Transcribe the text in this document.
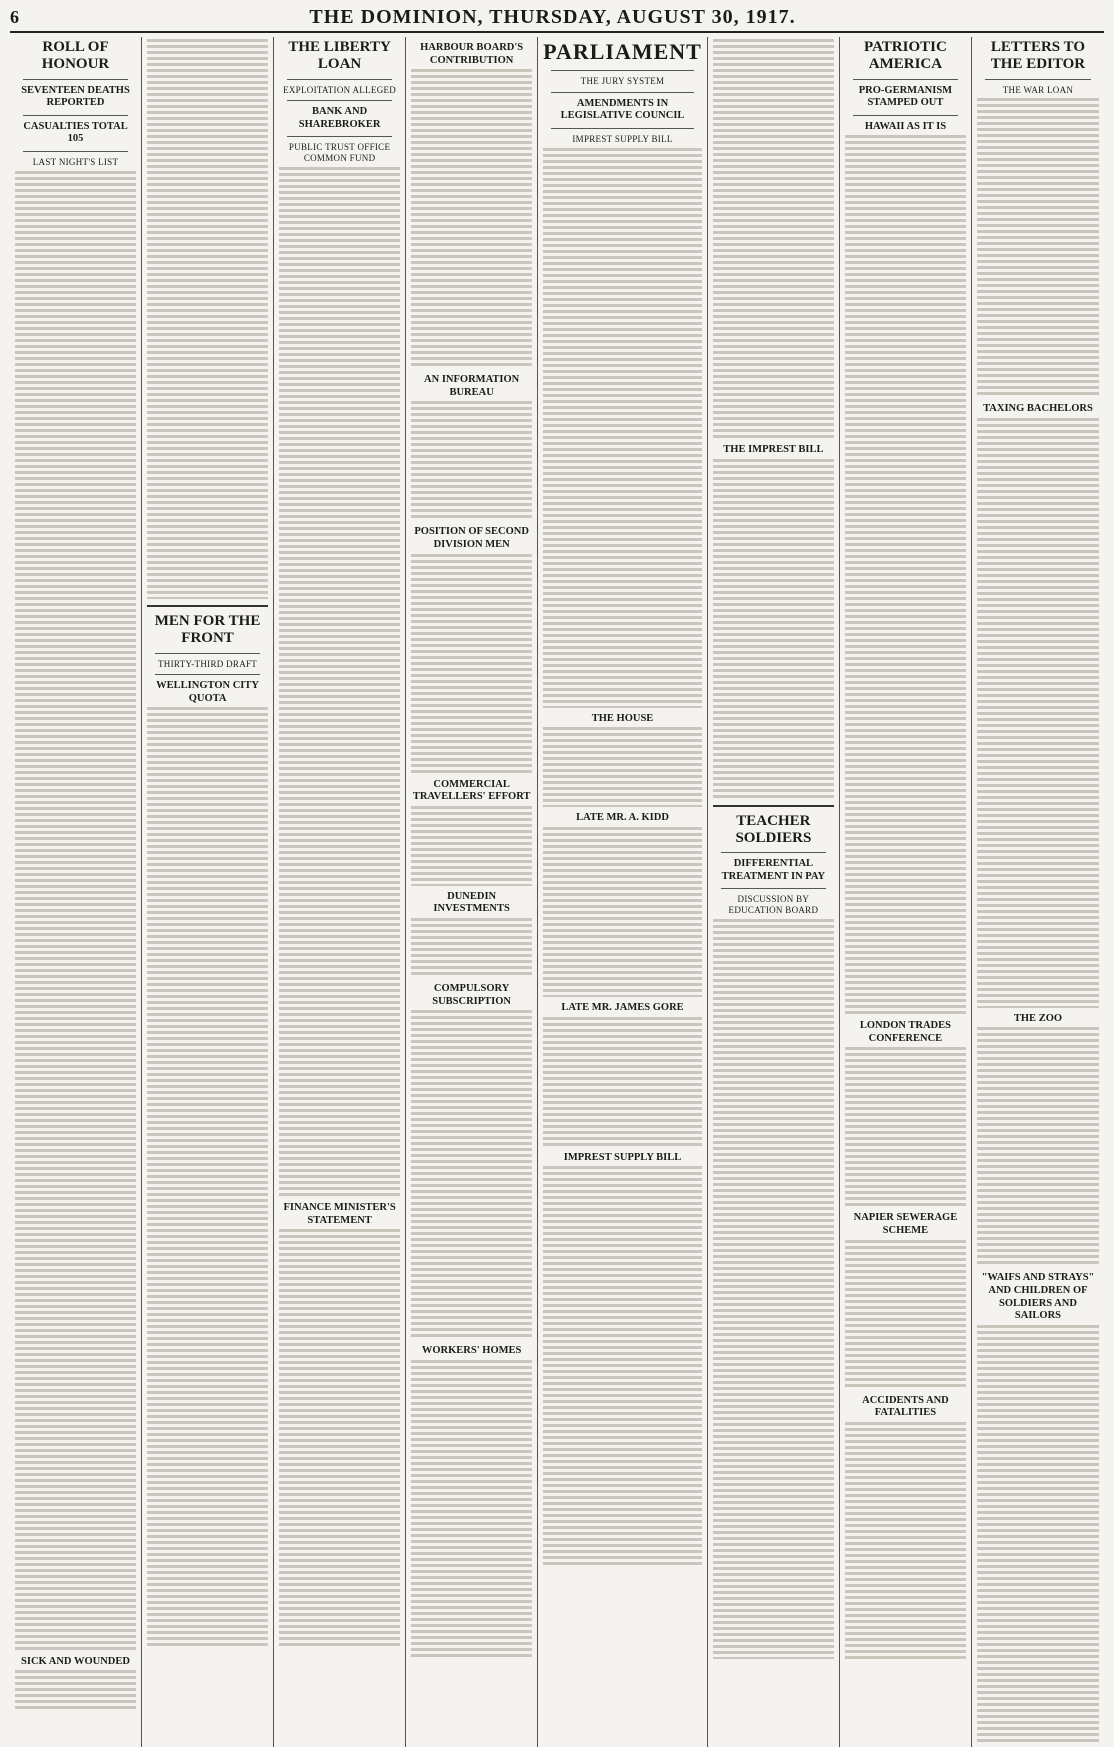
6	THE DOMINION, THURSDAY, AUGUST 30, 1917.
ROLL OF HONOUR
SEVENTEEN DEATHS REPORTED
CASUALTIES TOTAL 105
LAST NIGHT'S LIST
SICK AND WOUNDED
MEN FOR THE FRONT
THIRTY-THIRD DRAFT
WELLINGTON CITY QUOTA
THE LIBERTY LOAN
EXPLOITATION ALLEGED
BANK AND SHAREBROKER
PUBLIC TRUST OFFICE COMMON FUND
FINANCE MINISTER'S STATEMENT
HARBOUR BOARD'S CONTRIBUTION
AN INFORMATION BUREAU
POSITION OF SECOND DIVISION MEN
COMMERCIAL TRAVELLERS' EFFORT
DUNEDIN INVESTMENTS
COMPULSORY SUBSCRIPTION
WORKERS' HOMES
PARLIAMENT
THE JURY SYSTEM
AMENDMENTS IN LEGISLATIVE COUNCIL
IMPREST SUPPLY BILL
THE HOUSE
LATE MR. A. KIDD
LATE MR. JAMES GORE
IMPREST SUPPLY BILL
THE IMPREST BILL
TEACHER SOLDIERS
DIFFERENTIAL TREATMENT IN PAY
DISCUSSION BY EDUCATION BOARD
PATRIOTIC AMERICA
PRO-GERMANISM STAMPED OUT
HAWAII AS IT IS
LONDON TRADES CONFERENCE
NAPIER SEWERAGE SCHEME
ACCIDENTS AND FATALITIES
LETTERS TO THE EDITOR
THE WAR LOAN
TAXING BACHELORS
THE ZOO
"WAIFS AND STRAYS" AND CHILDREN OF SOLDIERS AND SAILORS
